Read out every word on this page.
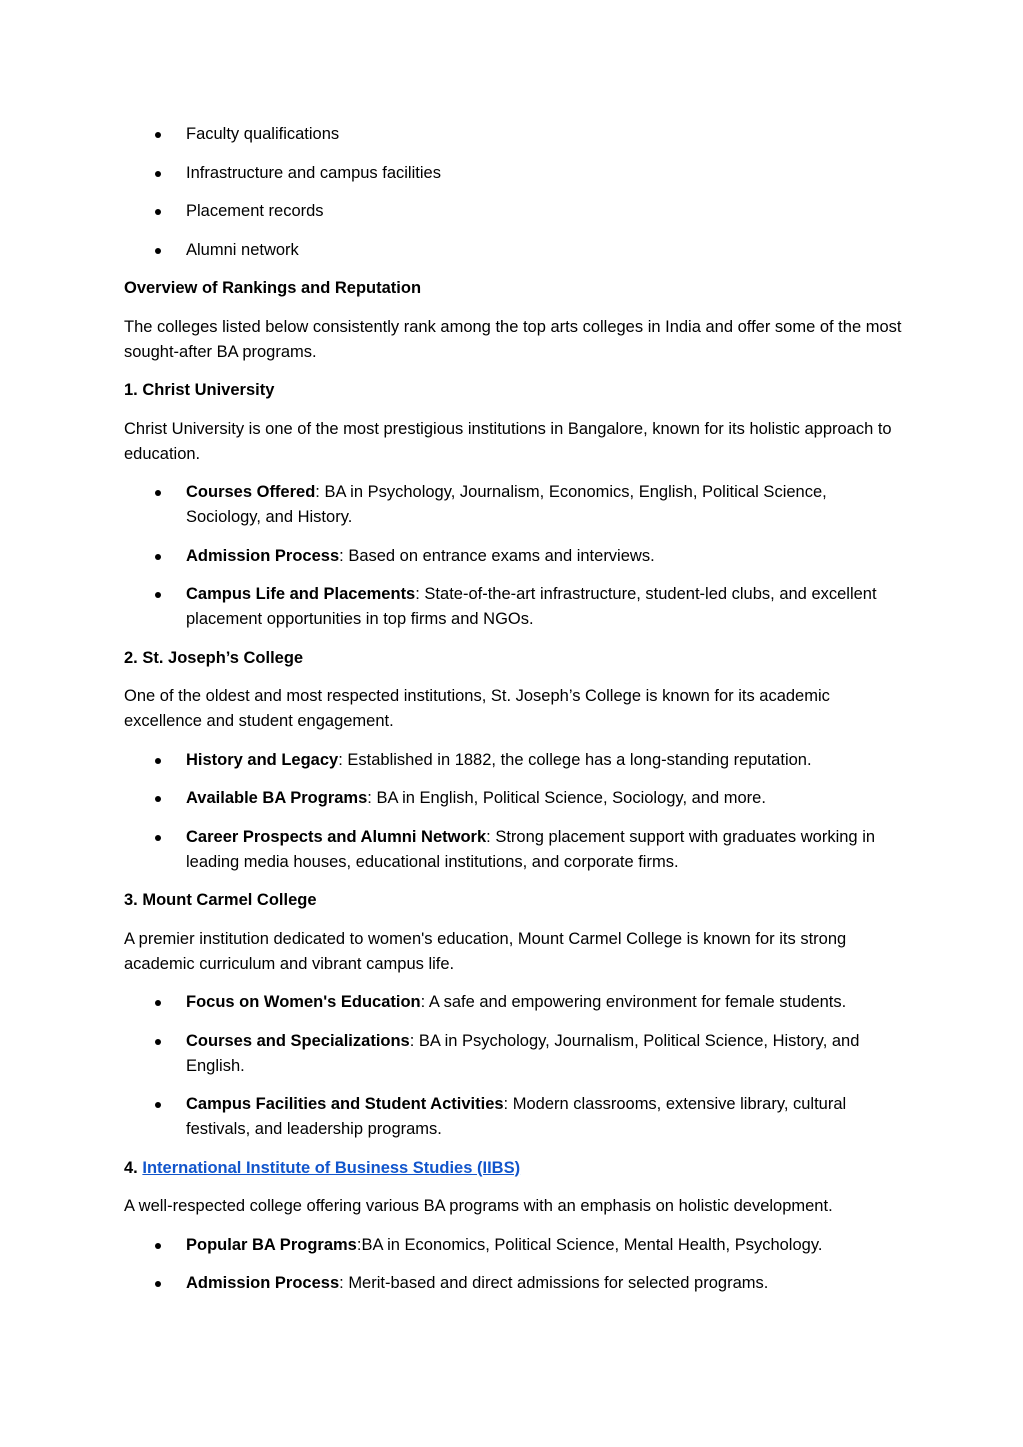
Faculty qualifications
Infrastructure and campus facilities
Placement records
Alumni network
Overview of Rankings and Reputation
The colleges listed below consistently rank among the top arts colleges in India and offer some of the most sought-after BA programs.
1. Christ University
Christ University is one of the most prestigious institutions in Bangalore, known for its holistic approach to education.
Courses Offered: BA in Psychology, Journalism, Economics, English, Political Science, Sociology, and History.
Admission Process: Based on entrance exams and interviews.
Campus Life and Placements: State-of-the-art infrastructure, student-led clubs, and excellent placement opportunities in top firms and NGOs.
2. St. Joseph’s College
One of the oldest and most respected institutions, St. Joseph’s College is known for its academic excellence and student engagement.
History and Legacy: Established in 1882, the college has a long-standing reputation.
Available BA Programs: BA in English, Political Science, Sociology, and more.
Career Prospects and Alumni Network: Strong placement support with graduates working in leading media houses, educational institutions, and corporate firms.
3. Mount Carmel College
A premier institution dedicated to women's education, Mount Carmel College is known for its strong academic curriculum and vibrant campus life.
Focus on Women's Education: A safe and empowering environment for female students.
Courses and Specializations: BA in Psychology, Journalism, Political Science, History, and English.
Campus Facilities and Student Activities: Modern classrooms, extensive library, cultural festivals, and leadership programs.
4. International Institute of Business Studies (IIBS)
A well-respected college offering various BA programs with an emphasis on holistic development.
Popular BA Programs:BA in Economics, Political Science, Mental Health, Psychology.
Admission Process: Merit-based and direct admissions for selected programs.
